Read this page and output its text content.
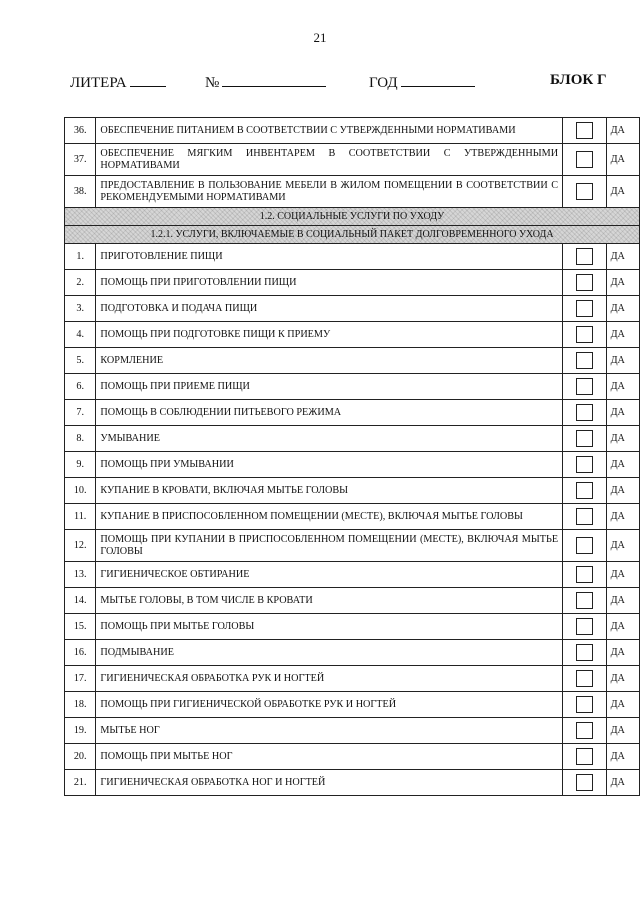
21
ЛИТЕРА	№	ГОД	БЛОК Г
36.	ОБЕСПЕЧЕНИЕ ПИТАНИЕМ В СООТВЕТСТВИИ С УТВЕРЖДЕННЫМИ НОРМАТИВАМИ		ДА
37.	ОБЕСПЕЧЕНИЕ МЯГКИМ ИНВЕНТАРЕМ В СООТВЕТСТВИИ С УТВЕРЖДЕННЫМИ НОРМАТИВАМИ		ДА
38.	ПРЕДОСТАВЛЕНИЕ В ПОЛЬЗОВАНИЕ МЕБЕЛИ В ЖИЛОМ ПОМЕЩЕНИИ В СООТВЕТСТВИИ С РЕКОМЕНДУЕМЫМИ НОРМАТИВАМИ		ДА
1.2. СОЦИАЛЬНЫЕ УСЛУГИ ПО УХОДУ			
1.2.1. УСЛУГИ, ВКЛЮЧАЕМЫЕ В СОЦИАЛЬНЫЙ ПАКЕТ ДОЛГОВРЕМЕННОГО УХОДА			
1.	ПРИГОТОВЛЕНИЕ ПИЩИ		ДА
2.	ПОМОЩЬ ПРИ ПРИГОТОВЛЕНИИ ПИЩИ		ДА
3.	ПОДГОТОВКА И ПОДАЧА ПИЩИ		ДА
4.	ПОМОЩЬ ПРИ ПОДГОТОВКЕ ПИЩИ К ПРИЕМУ		ДА
5.	КОРМЛЕНИЕ		ДА
6.	ПОМОЩЬ ПРИ ПРИЕМЕ ПИЩИ		ДА
7.	ПОМОЩЬ В СОБЛЮДЕНИИ ПИТЬЕВОГО РЕЖИМА		ДА
8.	УМЫВАНИЕ		ДА
9.	ПОМОЩЬ ПРИ УМЫВАНИИ		ДА
10.	КУПАНИЕ В КРОВАТИ, ВКЛЮЧАЯ МЫТЬЕ ГОЛОВЫ		ДА
11.	КУПАНИЕ В ПРИСПОСОБЛЕННОМ ПОМЕЩЕНИИ (МЕСТЕ), ВКЛЮЧАЯ МЫТЬЕ ГОЛОВЫ		ДА
12.	ПОМОЩЬ ПРИ КУПАНИИ В ПРИСПОСОБЛЕННОМ ПОМЕЩЕНИИ (МЕСТЕ), ВКЛЮЧАЯ МЫТЬЕ ГОЛОВЫ		ДА
13.	ГИГИЕНИЧЕСКОЕ ОБТИРАНИЕ		ДА
14.	МЫТЬЕ ГОЛОВЫ, В ТОМ ЧИСЛЕ В КРОВАТИ		ДА
15.	ПОМОЩЬ ПРИ МЫТЬЕ ГОЛОВЫ		ДА
16.	ПОДМЫВАНИЕ		ДА
17.	ГИГИЕНИЧЕСКАЯ ОБРАБОТКА РУК И НОГТЕЙ		ДА
18.	ПОМОЩЬ ПРИ ГИГИЕНИЧЕСКОЙ ОБРАБОТКЕ РУК И НОГТЕЙ		ДА
19.	МЫТЬЕ НОГ		ДА
20.	ПОМОЩЬ ПРИ МЫТЬЕ НОГ		ДА
21.	ГИГИЕНИЧЕСКАЯ ОБРАБОТКА НОГ И НОГТЕЙ		ДА
